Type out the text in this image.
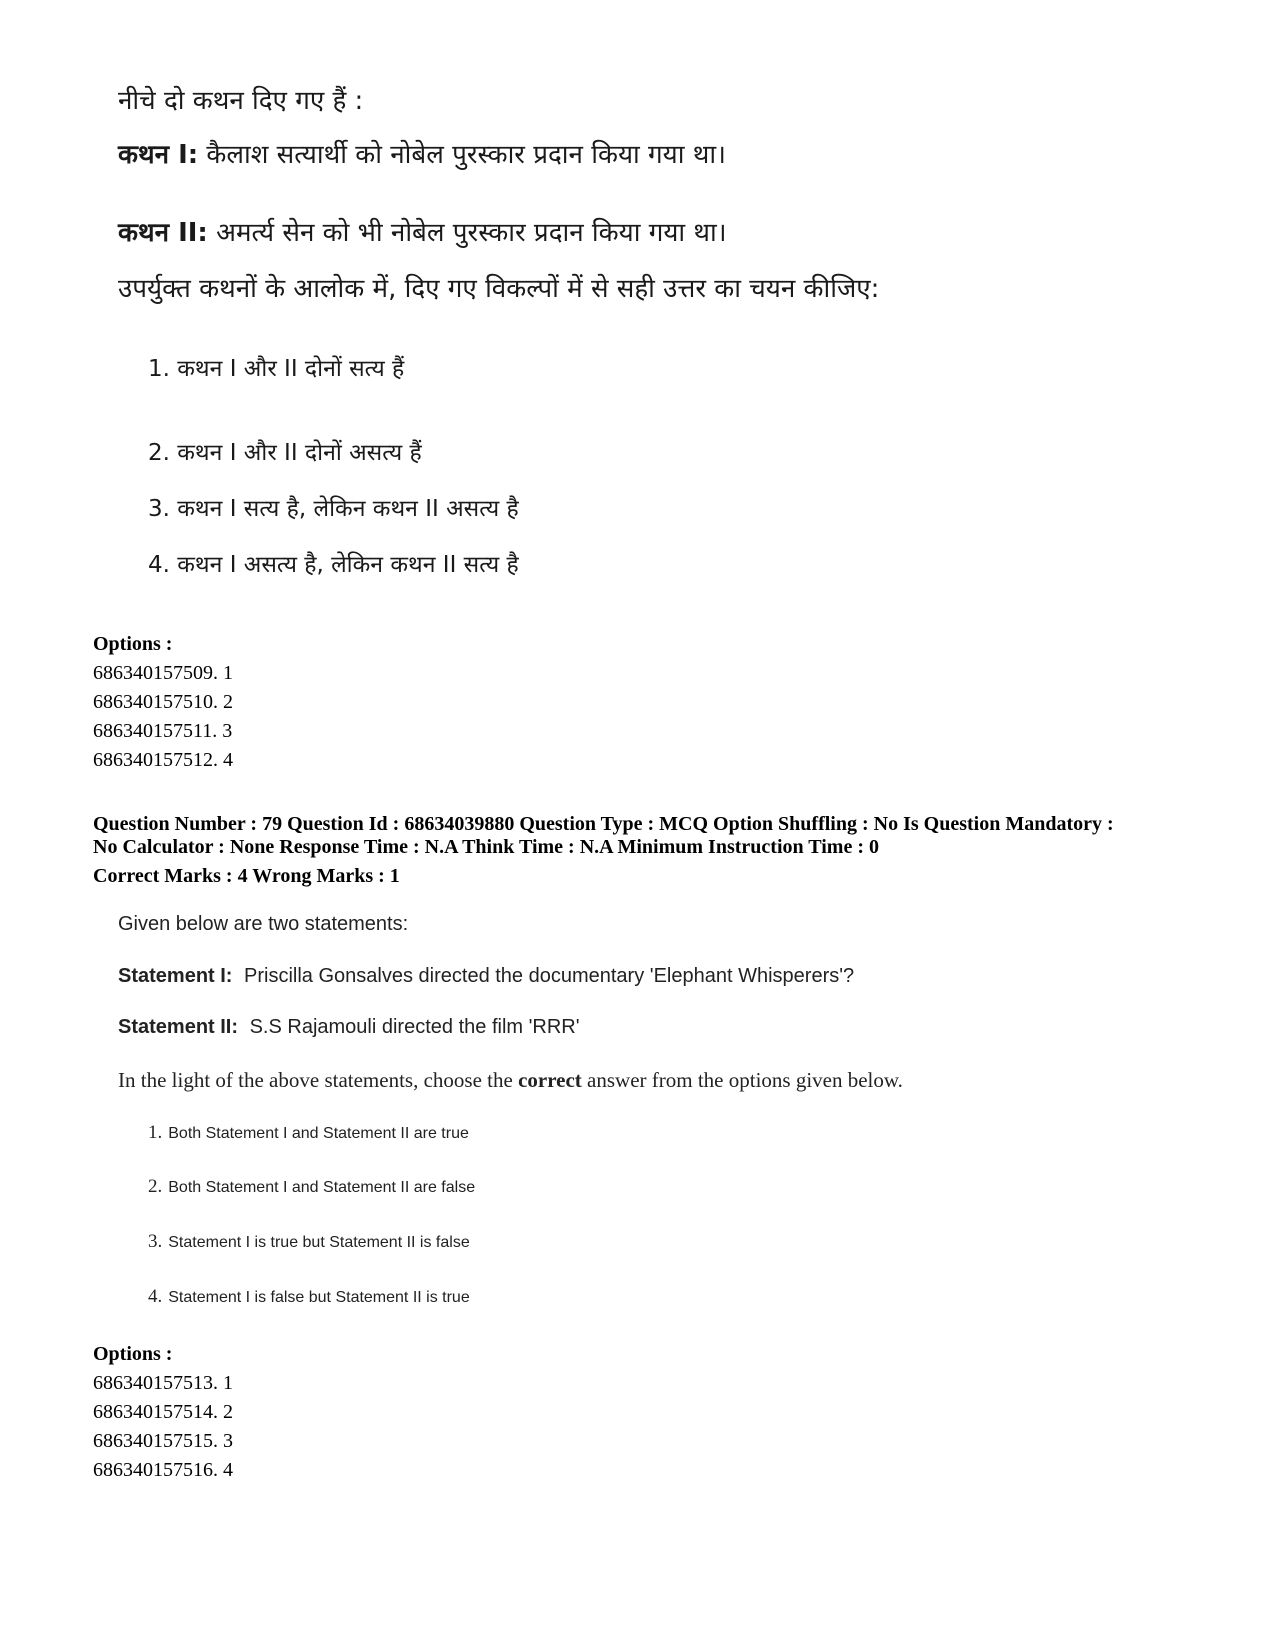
नीचे दो कथन दिए गए हैं :
कथन I: कैलाश सत्यार्थी को नोबेल पुरस्कार प्रदान किया गया था।
कथन II: अमर्त्य सेन को भी नोबेल पुरस्कार प्रदान किया गया था।
उपर्युक्त कथनों के आलोक में, दिए गए विकल्पों में से सही उत्तर का चयन कीजिए:
1. कथन I और II दोनों सत्य हैं
2. कथन I और II दोनों असत्य हैं
3. कथन I सत्य है, लेकिन कथन II असत्य है
4. कथन I असत्य है, लेकिन कथन II सत्य है
Options :
686340157509. 1
686340157510. 2
686340157511. 3
686340157512. 4
Question Number : 79 Question Id : 68634039880 Question Type : MCQ Option Shuffling : No Is Question Mandatory :
No Calculator : None Response Time : N.A Think Time : N.A Minimum Instruction Time : 0
Correct Marks : 4 Wrong Marks : 1
Given below are two statements:
Statement I: Priscilla Gonsalves directed the documentary 'Elephant Whisperers'?
Statement II: S.S Rajamouli directed the film 'RRR'
In the light of the above statements, choose the correct answer from the options given below.
1. Both Statement I and Statement II are true
2. Both Statement I and Statement II are false
3. Statement I is true but Statement II is false
4. Statement I is false but Statement II is true
Options :
686340157513. 1
686340157514. 2
686340157515. 3
686340157516. 4
